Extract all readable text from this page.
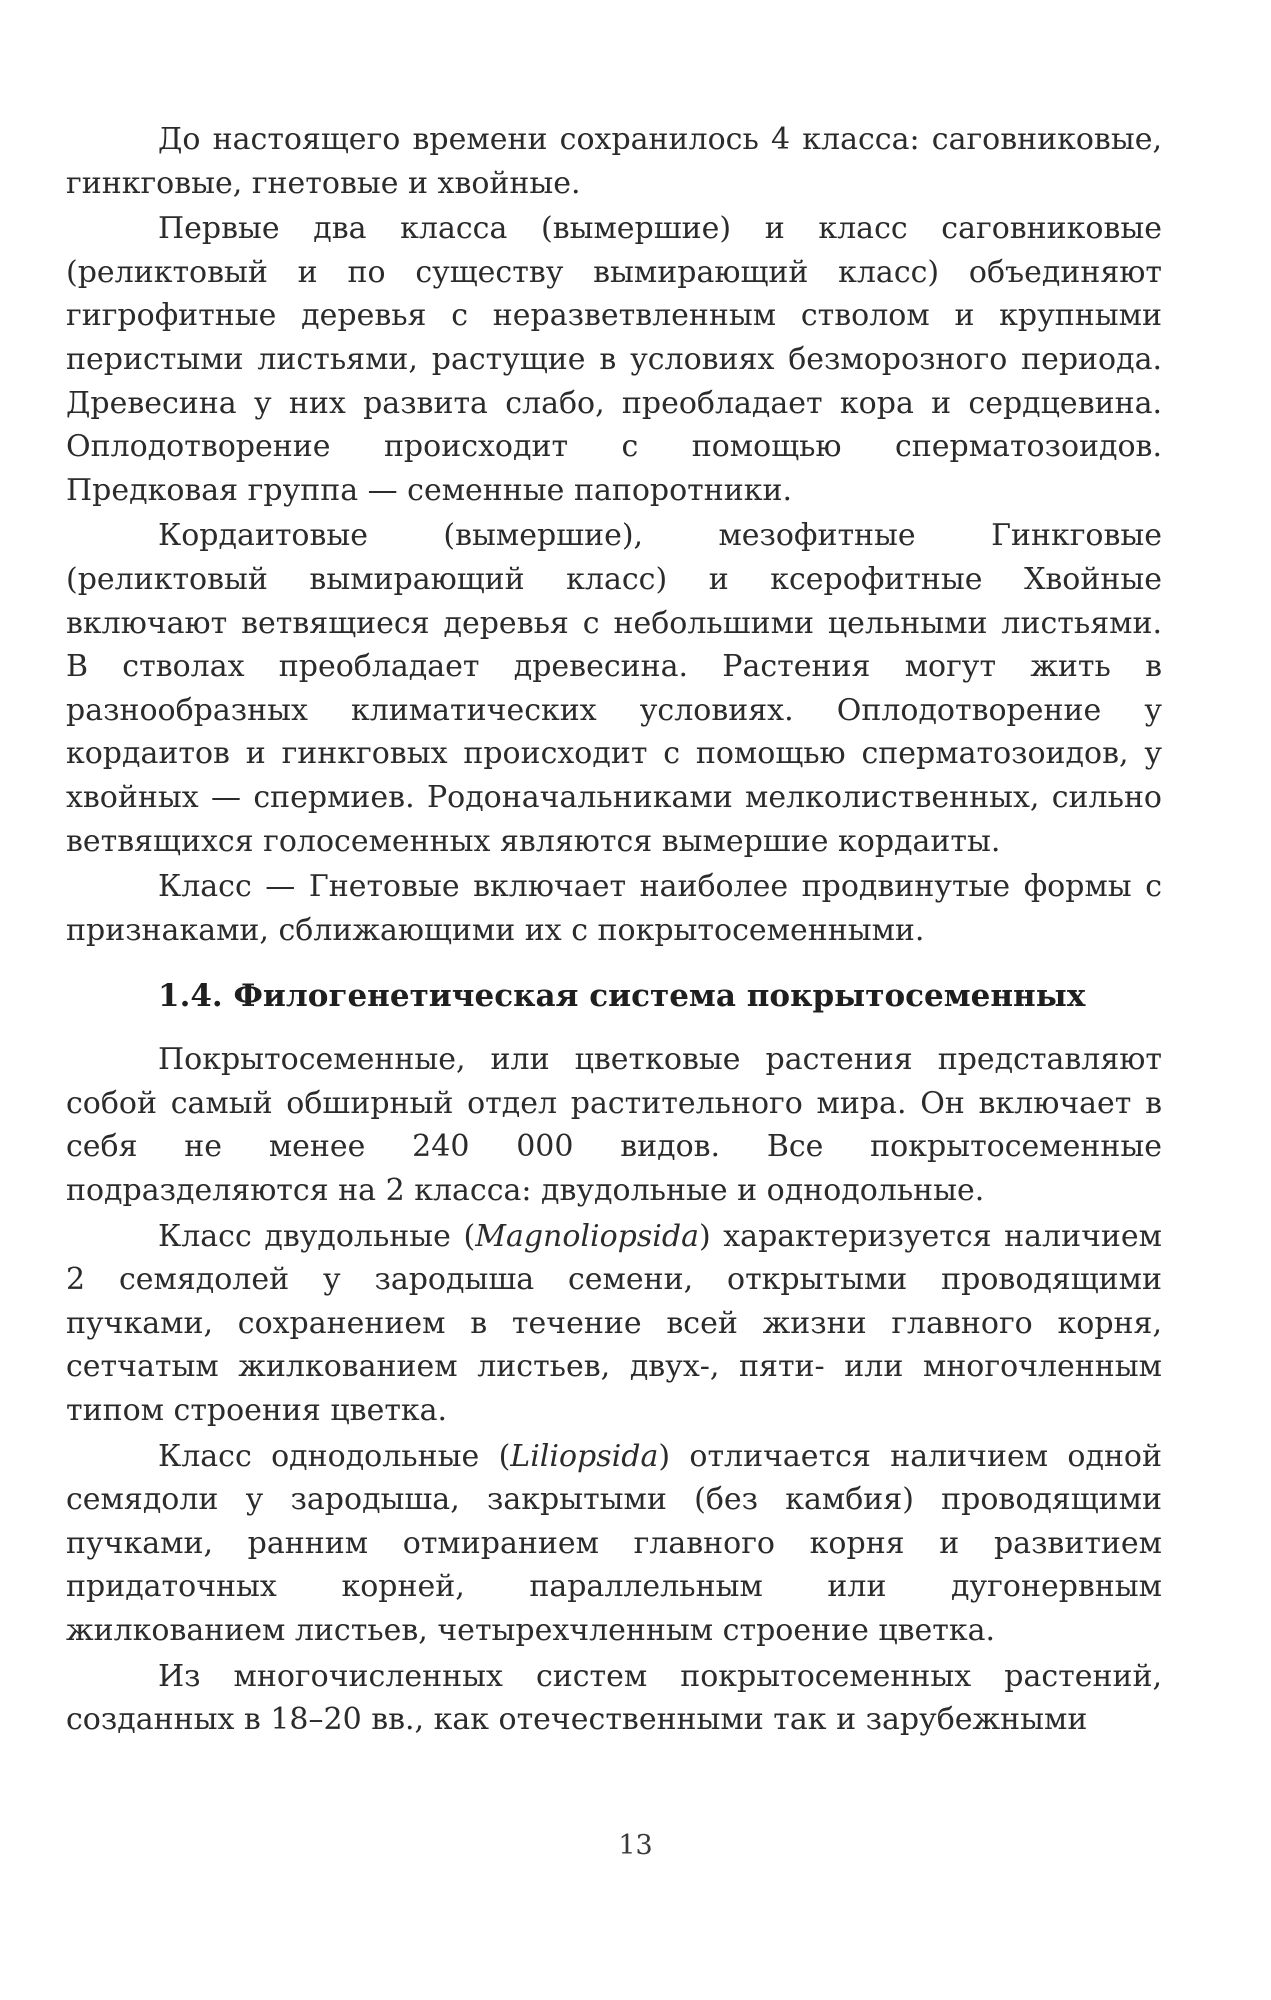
До настоящего времени сохранилось 4 класса: саговниковые, гинкговые, гнетовые и хвойные.

Первые два класса (вымершие) и класс саговниковые (реликтовый и по существу вымирающий класс) объединяют гигрофитные деревья с неразветвленным стволом и крупными перистыми листьями, растущие в условиях безморозного периода. Древесина у них развита слабо, преобладает кора и сердцевина. Оплодотворение происходит с помощью сперматозоидов. Предковая группа — семенные папоротники.

Кордаитовые (вымершие), мезофитные Гинкговые (реликтовый вымирающий класс) и ксерофитные Хвойные включают ветвящиеся деревья с небольшими цельными листьями. В стволах преобладает древесина. Растения могут жить в разнообразных климатических условиях. Оплодотворение у кордаитов и гинкговых происходит с помощью сперматозоидов, у хвойных — спермиев. Родоначальниками мелколиственных, сильно ветвящихся голосеменных являются вымершие кордаиты.

Класс — Гнетовые включает наиболее продвинутые формы с признаками, сближающими их с покрытосеменными.

1.4. Филогенетическая система покрытосеменных

Покрытосеменные, или цветковые растения представляют собой самый обширный отдел растительного мира. Он включает в себя не менее 240 000 видов. Все покрытосеменные подразделяются на 2 класса: двудольные и однодольные.

Класс двудольные (Magnoliopsida) характеризуется наличием 2 семядолей у зародыша семени, открытыми проводящими пучками, сохранением в течение всей жизни главного корня, сетчатым жилкованием листьев, двух-, пяти- или многочленным типом строения цветка.

Класс однодольные (Liliopsida) отличается наличием одной семядоли у зародыша, закрытыми (без камбия) проводящими пучками, ранним отмиранием главного корня и развитием придаточных корней, параллельным или дугонервным жилкованием листьев, четырехчленным строение цветка.

Из многочисленных систем покрытосеменных растений, созданных в 18–20 вв., как отечественными так и зарубежными

13
